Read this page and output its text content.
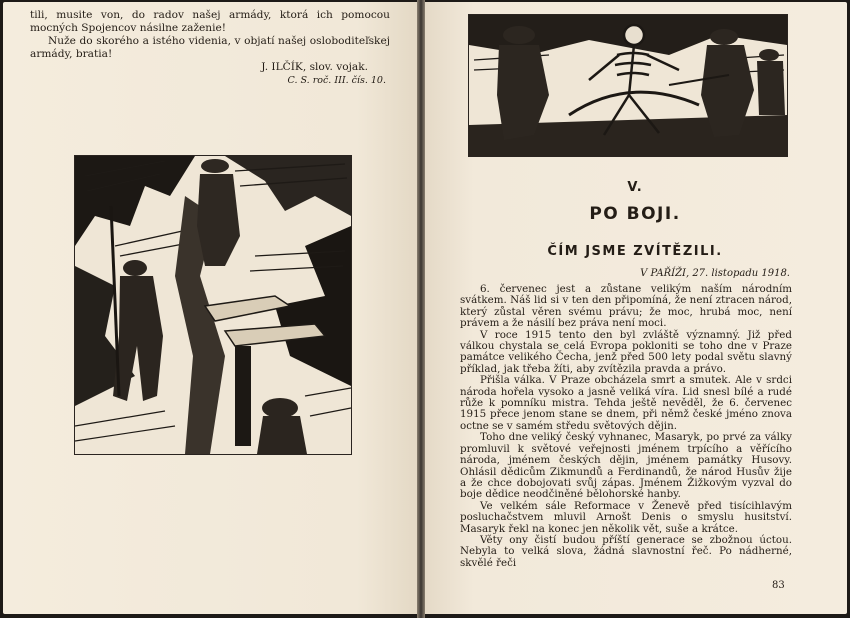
tili, musite von, do radov našej armády, ktorá ich pomocou mocných Spojencov násilne zaženie!

Nuže do skorého a istého videnia, v objatí našej osloboditeľskej armády, bratia!
J. ILČÍK, slov. vojak.
C. S. roč. III. čís. 10.
V.
PO BOJI.
ČÍM JSME ZVÍTĚZILI.
V PAŘÍŽI, 27. listopadu 1918.

6. červenec jest a zůstane velikým naším národním svátkem. Náš lid si v ten den připomíná, že není ztracen národ, který zůstal věren svému právu; že moc, hrubá moc, není právem a že násilí bez práva není moci.

V roce 1915 tento den byl zvláště významný. Již před válkou chystala se celá Evropa pokloniti se toho dne v Praze památce velikého Čecha, jenž před 500 lety podal světu slavný příklad, jak třeba žíti, aby zvítězila pravda a právo.

Přišla válka. V Praze obcházela smrt a smutek. Ale v srdci národa hořela vysoko a jasně veliká víra. Lid snesl bílé a rudé růže k pomníku mistra. Tehda ještě nevěděl, že 6. červenec 1915 přece jenom stane se dnem, při němž české jméno znova octne se v samém středu světových dějin.

Toho dne veliký český vyhnanec, Masaryk, po prvé za války promluvil k světové veřejnosti jménem trpícího a věřícího národa, jménem českých dějin, jménem památky Husovy. Ohlásil dědicům Zikmundů a Ferdinandů, že národ Husův žije a že chce dobojovati svůj zápas. Jménem Žižkovým vyzval do boje dědice neodčiněné bělohorské hanby.

Ve velkém sále Reformace v Ženevě před tisícihlavým posluchačstvem mluvil Arnošt Denis o smyslu husitství. Masaryk řekl na konec jen několik vět, suše a krátce.

Věty ony čistí budou příští generace se zbožnou úctou. Nebyla to velká slova, žádná slavnostní řeč. Po nádherné, skvělé řeči

83
